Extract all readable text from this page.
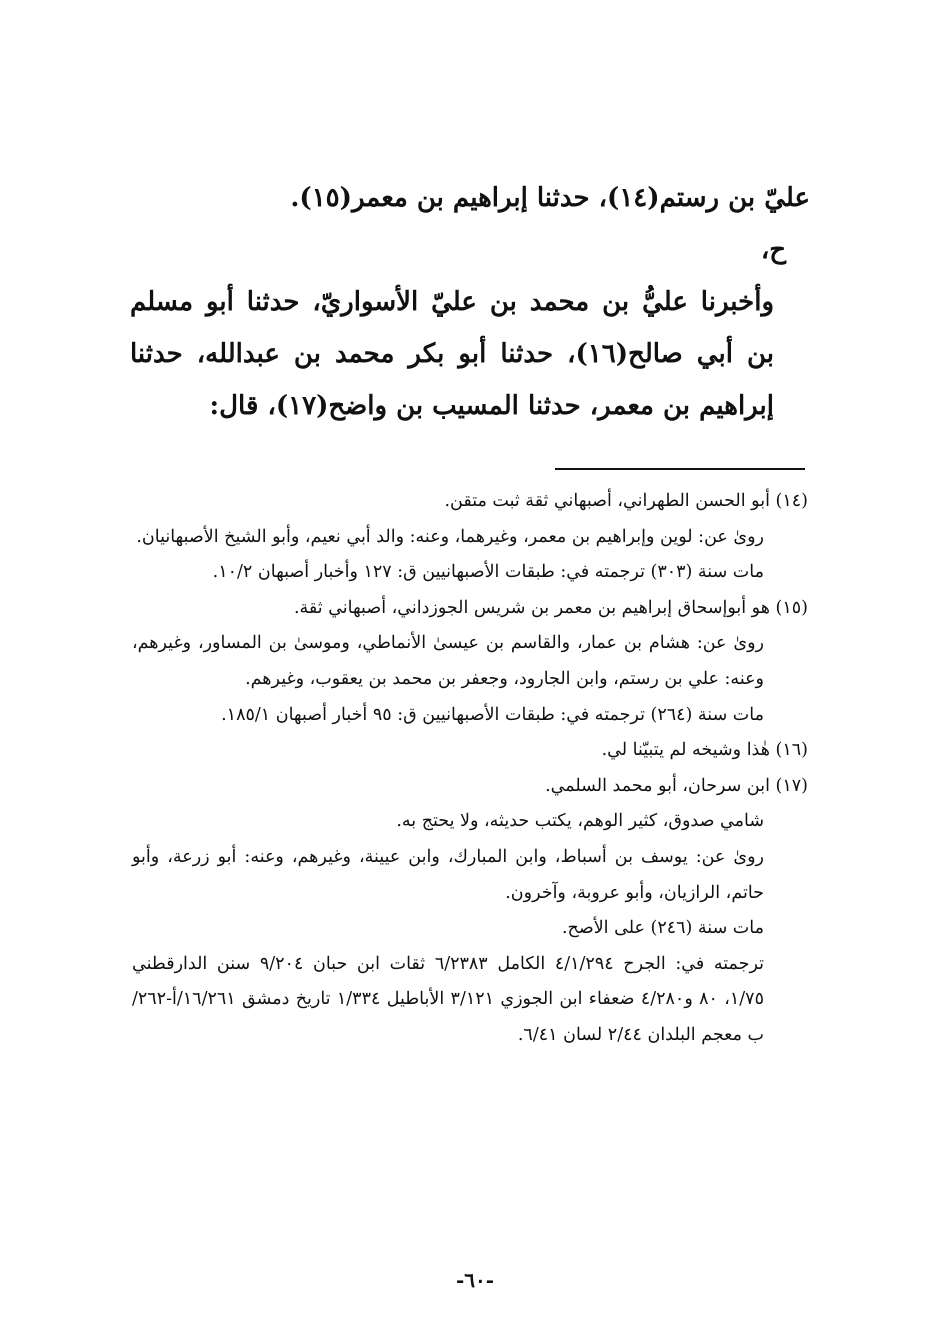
عليّ بن رستم(١٤)، حدثنا إبراهيم بن معمر(١٥).

ح،

وأخبرنا عليُّ بن محمد بن عليّ الأسواريّ، حدثنا أبو مسلم بن أبي صالح(١٦)، حدثنا أبو بكر محمد بن عبدالله، حدثنا إبراهيم بن معمر، حدثنا المسيب بن واضح(١٧)، قال:

(١٤) أبو الحسن الطهراني، أصبهاني ثقة ثبت متقن.

روىٰ عن: لوين وإبراهيم بن معمر، وغيرهما، وعنه: والد أبي نعيم، وأبو الشيخ الأصبهانيان.

مات سنة (٣٠٣) ترجمته في: طبقات الأصبهانيين ق: ١٢٧ وأخبار أصبهان ١٠/٢.

(١٥) هو أبوإسحاق إبراهيم بن معمر بن شريس الجوزداني، أصبهاني ثقة.

روىٰ عن: هشام بن عمار، والقاسم بن عيسىٰ الأنماطي، وموسىٰ بن المساور، وغيرهم، وعنه: علي بن رستم، وابن الجارود، وجعفر بن محمد بن يعقوب، وغيرهم.

مات سنة (٢٦٤) ترجمته في: طبقات الأصبهانيين ق: ٩٥ أخبار أصبهان ١٨٥/١.

(١٦) هٰذا وشيخه لم يتبيّنا لي.

(١٧) ابن سرحان، أبو محمد السلمي.

شامي صدوق، كثير الوهم، يكتب حديثه، ولا يحتج به.

روىٰ عن: يوسف بن أسباط، وابن المبارك، وابن عيينة، وغيرهم، وعنه: أبو زرعة، وأبو حاتم، الرازيان، وأبو عروبة، وآخرون.

مات سنة (٢٤٦) على الأصح.

ترجمته في: الجرح ٤/١/٢٩٤ الكامل ٦/٢٣٨٣ ثقات ابن حبان ٩/٢٠٤ سنن الدارقطني ١/٧٥، ٨٠ و٤/٢٨٠ ضعفاء ابن الجوزي ٣/١٢١ الأباطيل ١/٣٣٤ تاريخ دمشق ١٦/٢٦١/أ-٢٦٢/ب معجم البلدان ٢/٤٤ لسان ٦/٤١.

-٦٠-
